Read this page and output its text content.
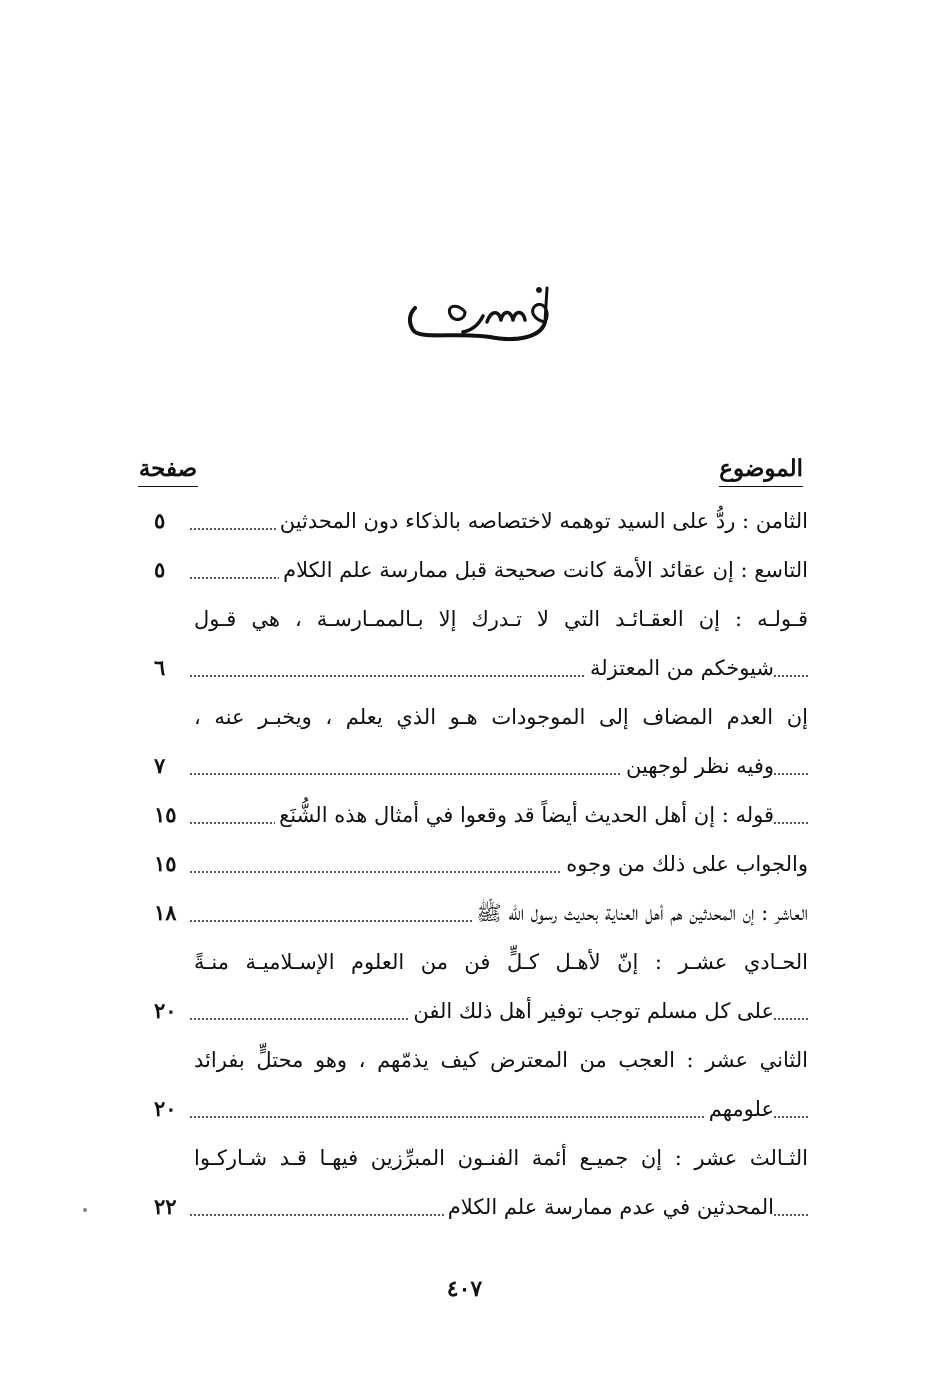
الموضوع
صفحة
الثامن : ردُّ على السيد توهمه لاختصاصه بالذكاء دون المحدثين
٥
التاسع : إن عقائد الأمة كانت صحيحة قبل ممارسة علم الكلام
٥
قـولـه : إن العقـائـد التي لا تـدرك إلا بـالممـارسـة ، هي قـول
شيوخكم من المعتزلة
٦
إن العدم المضاف إلى الموجودات هـو الذي يعلم ، ويخبـر عنه ،
وفيه نظر لوجهين
٧
قوله : إن أهل الحديث أيضاً قد وقعوا في أمثال هذه الشُّنَع
١٥
والجواب على ذلك من وجوه
١٥
العاشر : إن المحدثين هم أهل العناية بحديث رسول الله ﷺ
١٨
الحـادي عشـر : إنّ لأهـل كـلٍّ فن من العلوم الإسـلاميـة منـةً
على كل مسلم توجب توفير أهل ذلك الفن
٢٠
الثاني عشر : العجب من المعترض كيف يذمّهم ، وهو محتلٍّ بفرائد
علومهم
٢٠
الثـالث عشر : إن جميـع أئمة الفنـون المبرِّزين فيهـا قـد شـاركـوا
المحدثين في عدم ممارسة علم الكلام
٢٢
٤٠٧
